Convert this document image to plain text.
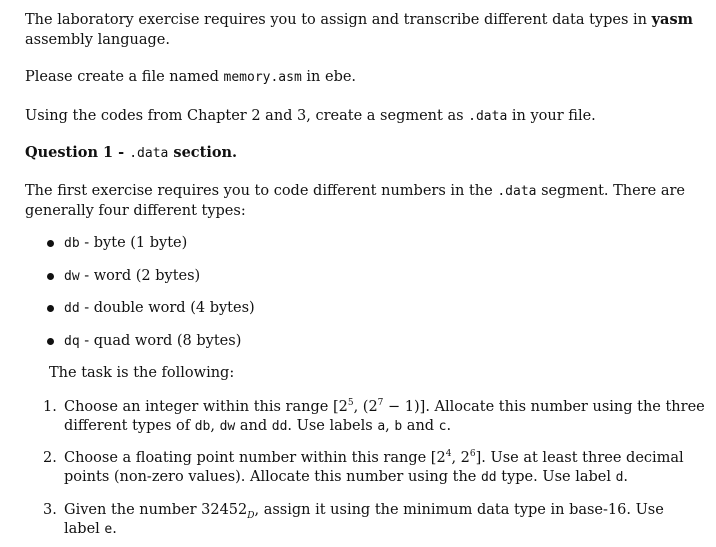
The laboratory exercise requires you to assign and transcribe different data types in yasm
assembly language.
Please create a file named memory.asm in ebe.
Using the codes from Chapter 2 and 3, create a segment as .data in your file.
Question 1 - .data section.
The first exercise requires you to code different numbers in the .data segment. There are
generally four different types:
db - byte (1 byte)
dw - word (2 bytes)
dd - double word (4 bytes)
dq - quad word (8 bytes)
The task is the following:
1. Choose an integer within this range [$2^5$, $(2^7 - 1)$]. Allocate this number using the three
different types of db, dw and dd. Use labels a, b and c.
2. Choose a floating point number within this range [$2^4$, $2^6$]. Use at least three decimal
points (non-zero values). Allocate this number using the dd type. Use label d.
3. Given the number $32452_D$, assign it using the minimum data type in base-16. Use
label e.
